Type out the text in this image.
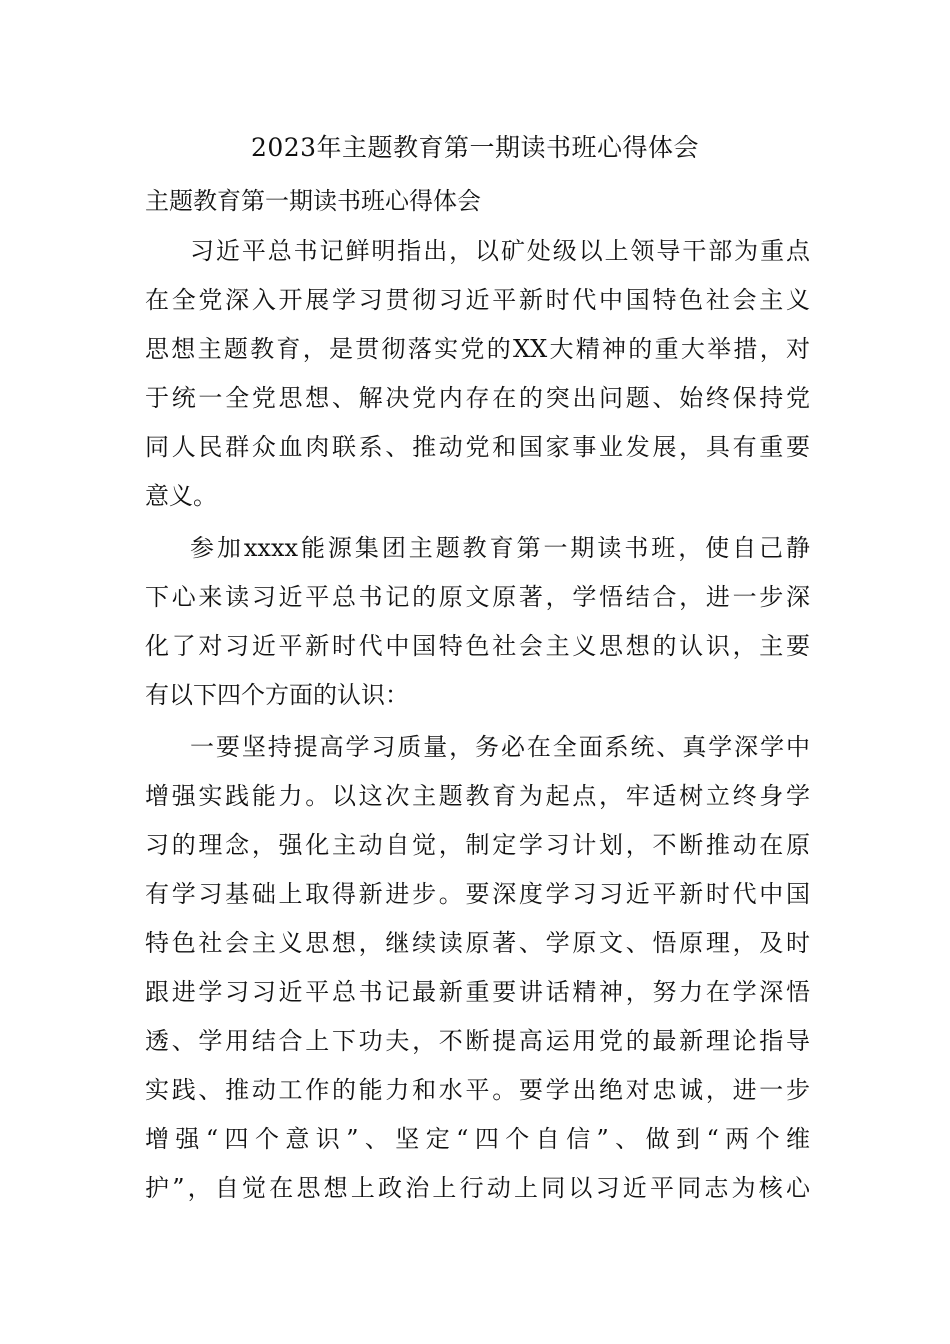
2023年主题教育第一期读书班心得体会
主题教育第一期读书班心得体会
习近平总书记鲜明指出，以矿处级以上领导干部为重点
在全党深入开展学习贯彻习近平新时代中国特色社会主义
思想主题教育，是贯彻落实党的XX大精神的重大举措，对
于统一全党思想、解决党内存在的突出问题、始终保持党
同人民群众血肉联系、推动党和国家事业发展，具有重要
意义。
参加xxxx能源集团主题教育第一期读书班，使自己静
下心来读习近平总书记的原文原著，学悟结合，进一步深
化了对习近平新时代中国特色社会主义思想的认识，主要
有以下四个方面的认识：
一要坚持提高学习质量，务必在全面系统、真学深学中
增强实践能力。以这次主题教育为起点，牢适树立终身学
习的理念，强化主动自觉，制定学习计划，不断推动在原
有学习基础上取得新进步。要深度学习习近平新时代中国
特色社会主义思想，继续读原著、学原文、悟原理，及时
跟进学习习近平总书记最新重要讲话精神，努力在学深悟
透、学用结合上下功夫，不断提高运用党的最新理论指导
实践、推动工作的能力和水平。要学出绝对忠诚，进一步
增强“四个意识”、坚定“四个自信”、做到“两个维
护”，自觉在思想上政治上行动上同以习近平同志为核心
